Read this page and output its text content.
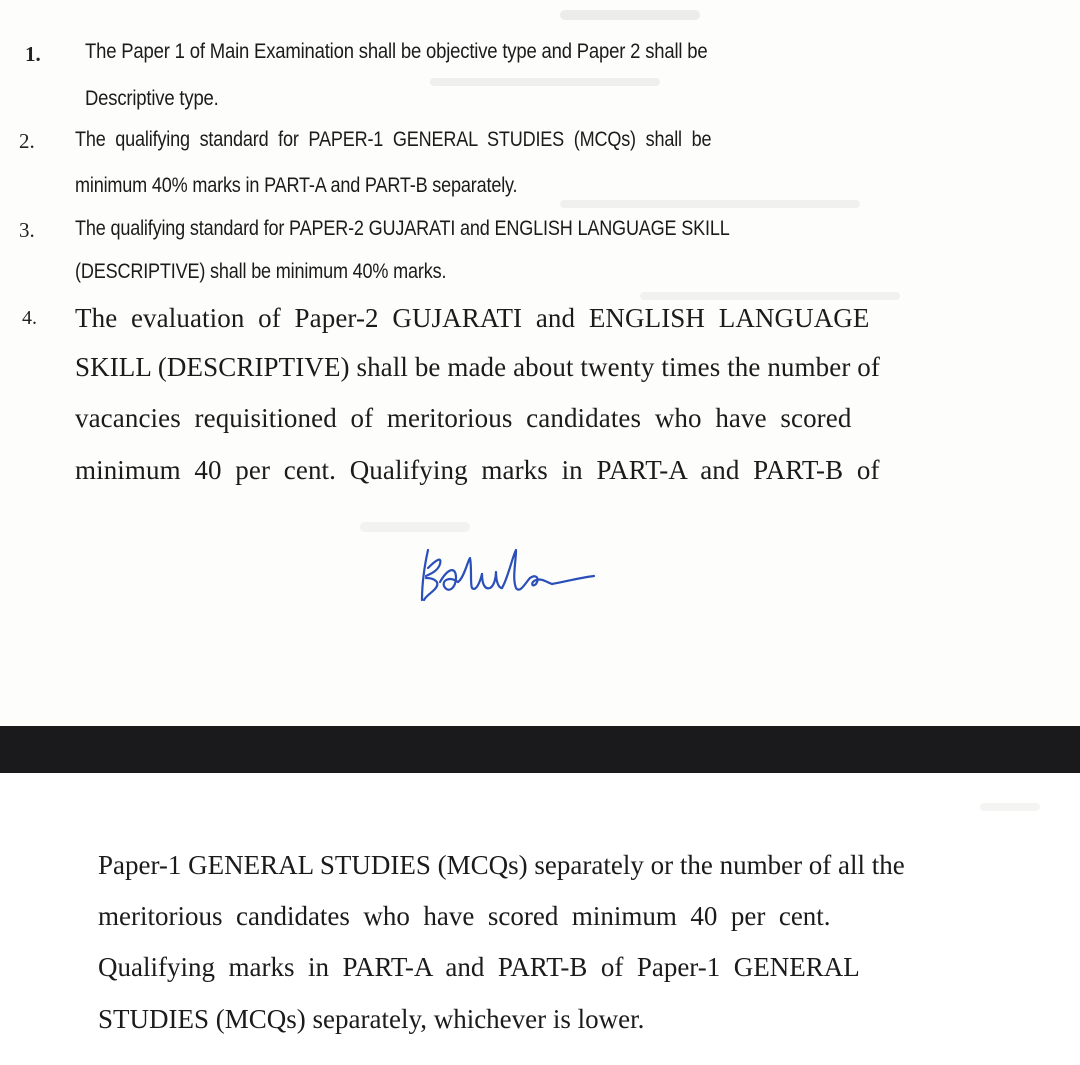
1. The Paper 1 of Main Examination shall be objective type and Paper 2 shall be
Descriptive type.
2. The  qualifying  standard  for  PAPER-1  GENERAL  STUDIES  (MCQs)  shall  be
minimum 40% marks in PART-A and PART-B separately.
3. The qualifying standard for PAPER-2 GUJARATI and ENGLISH LANGUAGE SKILL
(DESCRIPTIVE) shall be minimum 40% marks.
4. The  evaluation  of  Paper-2  GUJARATI  and  ENGLISH  LANGUAGE
SKILL (DESCRIPTIVE) shall be made about twenty times the number of
vacancies  requisitioned  of  meritorious  candidates  who  have  scored
minimum  40  per  cent.  Qualifying  marks  in  PART-A  and  PART-B  of
Paper-1 GENERAL STUDIES (MCQs) separately or the number of all the
meritorious  candidates  who  have  scored  minimum  40  per  cent.
Qualifying  marks  in  PART-A  and  PART-B  of  Paper-1  GENERAL
STUDIES (MCQs) separately, whichever is lower.
